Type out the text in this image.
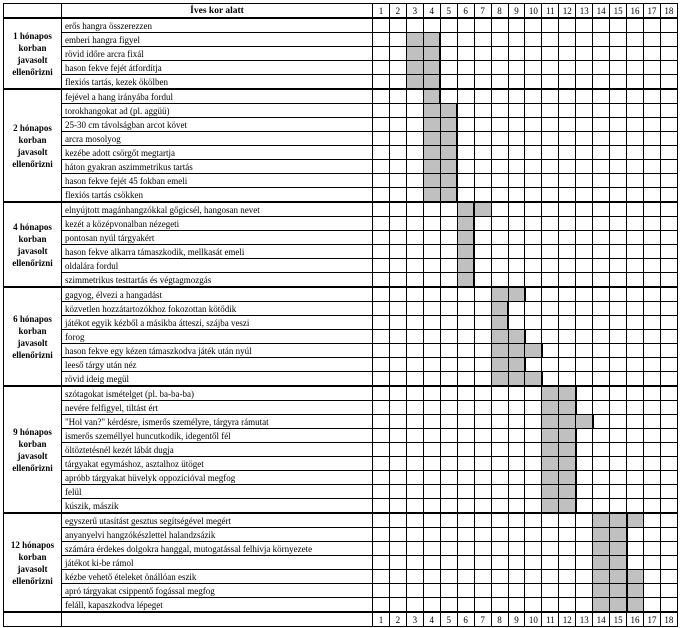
	Íves kor alatt	1	2	3	4	5	6	7	8	9	10	11	12	13	14	15	16	17	18
1 hónapos korban javasolt ellenőrizni	erős hangra összerezzen																		
	emberi hangra figyel																		
	rövid időre arcra fixál																		
	hason fekve fejét átfordítja																		
	flexiós tartás, kezek ökölben																		
2 hónapos korban javasolt ellenőrizni	fejével a hang irányába fordul																		
	torokhangokat ad (pl. aggüü)																		
	25-30 cm távolságban arcot követ																		
	arcra mosolyog																		
	kezébe adott csörgőt megtartja																		
	háton gyakran aszimmetrikus tartás																		
	hason fekve fejét 45 fokban emeli																		
	flexiós tartás csökken																		
4 hónapos korban javasolt ellenőrizni	elnyújtott magánhangzókkal gőgicsél, hangosan nevet																		
	kezét a középvonalban nézegeti																		
	pontosan nyúl tárgyakért																		
	hason fekve alkarra támaszkodik, mellkasát emeli																		
	oldalára fordul																		
	szimmetrikus testtartás és végtagmozgás																		
6 hónapos korban javasolt ellenőrizni	gagyog, élvezi a hangadást																		
	közvetlen hozzátartozókhoz fokozottan kötődik																		
	játékot egyik kézből a másikba átteszi, szájba veszi																		
	forog																		
	hason fekve egy kézen támaszkodva játék után nyúl																		
	leeső tárgy után néz																		
	rövid ideig megül																		
9 hónapos korban javasolt ellenőrizni	szótagokat ismételget (pl. ba-ba-ba)																		
	nevére felfigyel, tiltást ért																		
	"Hol van?" kérdésre, ismerős személyre, tárgyra rámutat																		
	ismerős személlyel huncutkodik, idegentől fél																		
	öltöztetésnél kezét lábát dugja																		
	tárgyakat egymáshoz, asztalhoz ütöget																		
	apróbb tárgyakat hüvelyk oppozícióval megfog																		
	felül																		
	kúszik, mászik																		
12 hónapos korban javasolt ellenőrizni	egyszerű utasítást gesztus segítségével megért																		
	anyanyelvi hangzókészlettel halandzsázik																		
	számára érdekes dolgokra hanggal, mutogatással felhívja környezete																		
	játékot ki-be rámol																		
	kézbe vehető ételeket önállóan eszik																		
	apró tárgyakat csippentő fogással megfog																		
	feláll, kapaszkodva lépeget																		
		1	2	3	4	5	6	7	8	9	10	11	12	13	14	15	16	17	18
